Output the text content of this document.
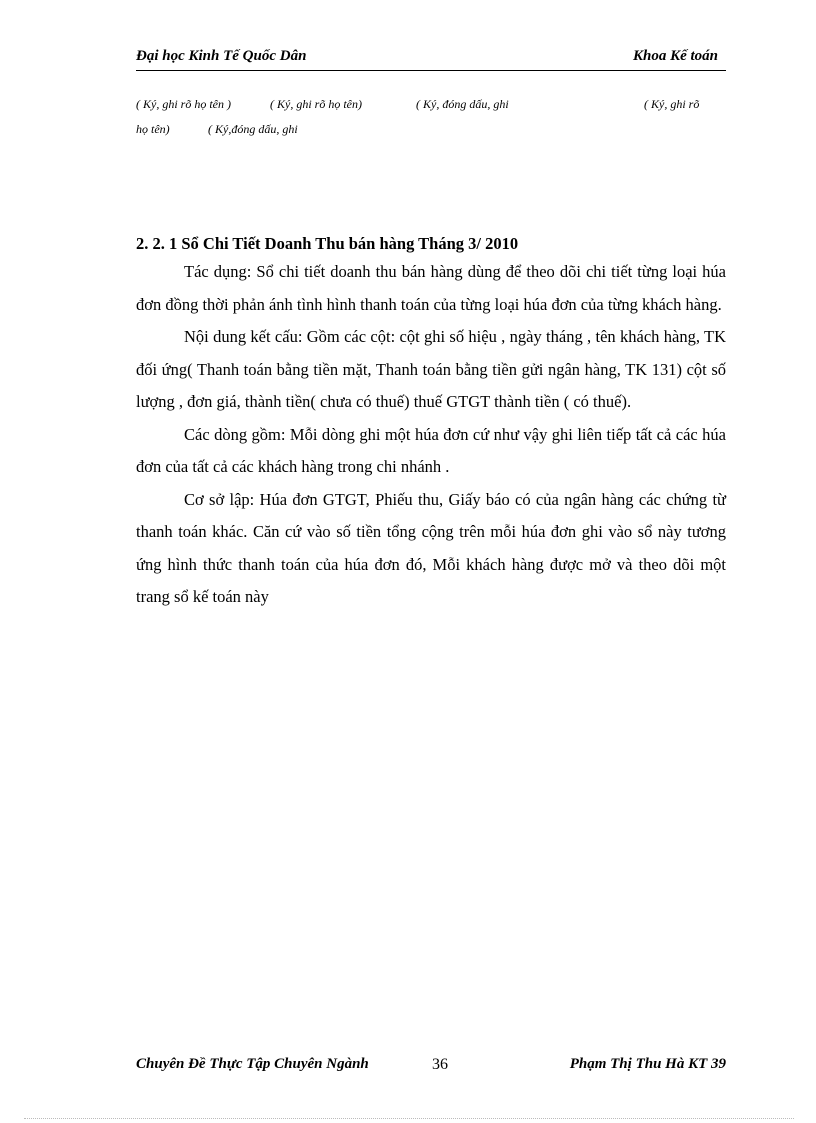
Đại học Kinh Tế Quốc Dân	Khoa Kế toán
( Ký, ghi rõ họ tên )	( Ký, ghi rõ họ tên)	( Ký, đóng dấu, ghi	( Ký, ghi rõ
họ tên)	( Ký,đóng dấu, ghi

2. 2. 1 Sổ Chi Tiết Doanh Thu bán hàng Tháng 3/ 2010

Tác dụng: Sổ chi tiết doanh thu bán hàng dùng để theo dõi chi tiết từng loại húa đơn đồng thời phản ánh tình hình thanh toán của từng loại húa đơn của từng khách hàng.

Nội dung kết cấu: Gồm các cột: cột ghi số hiệu , ngày tháng , tên khách hàng, TK đối ứng( Thanh toán bằng tiền mặt, Thanh toán bằng tiền gửi ngân hàng, TK 131) cột số lượng , đơn giá, thành tiền( chưa có thuế) thuế GTGT thành tiền ( có thuế).

Các dòng gồm: Mỗi dòng ghi một húa đơn cứ như vậy ghi liên tiếp tất cả các húa đơn của tất cả các khách hàng trong chi nhánh .

Cơ sở lập: Húa đơn GTGT, Phiếu thu, Giấy báo có của ngân hàng các chứng từ thanh toán khác. Căn cứ vào số tiền tổng cộng trên mỗi húa đơn ghi vào sổ này tương ứng hình thức thanh toán của húa đơn đó, Mỗi khách hàng được mở và theo dõi một trang sổ kế toán này

Chuyên Đề Thực Tập Chuyên Ngành	36	Phạm Thị Thu Hà KT 39
